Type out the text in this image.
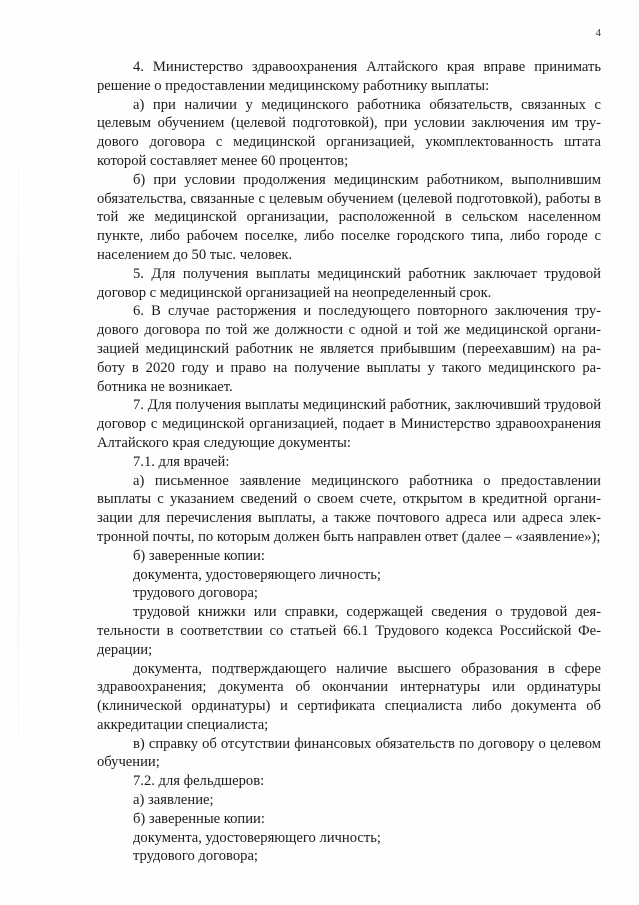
4

4. Министерство здравоохранения Алтайского края вправе принимать решение о предоставлении медицинскому работнику выплаты:

а) при наличии у медицинского работника обязательств, связанных с целевым обучением (целевой подготовкой), при условии заключения им трудового договора с медицинской организацией, укомплектованность штата которой составляет менее 60 процентов;

б) при условии продолжения медицинским работником, выполнившим обязательства, связанные с целевым обучением (целевой подготовкой), работы в той же медицинской организации, расположенной в сельском населенном пункте, либо рабочем поселке, либо поселке городского типа, либо городе с населением до 50 тыс. человек.

5. Для получения выплаты медицинский работник заключает трудовой договор с медицинской организацией на неопределенный срок.

6. В случае расторжения и последующего повторного заключения трудового договора по той же должности с одной и той же медицинской организацией медицинский работник не является прибывшим (переехавшим) на работу в 2020 году и право на получение выплаты у такого медицинского работника не возникает.

7. Для получения выплаты медицинский работник, заключивший трудовой договор с медицинской организацией, подает в Министерство здравоохранения Алтайского края следующие документы:

7.1. для врачей:

а) письменное заявление медицинского работника о предоставлении выплаты с указанием сведений о своем счете, открытом в кредитной организации для перечисления выплаты, а также почтового адреса или адреса электронной почты, по которым должен быть направлен ответ (далее – «заявление»);

б) заверенные копии:

документа, удостоверяющего личность;

трудового договора;

трудовой книжки или справки, содержащей сведения о трудовой деятельности в соответствии со статьей 66.1 Трудового кодекса Российской Федерации;

документа, подтверждающего наличие высшего образования в сфере здравоохранения; документа об окончании интернатуры или ординатуры (клинической ординатуры) и сертификата специалиста либо документа об аккредитации специалиста;

в) справку об отсутствии финансовых обязательств по договору о целевом обучении;

7.2. для фельдшеров:

а) заявление;

б) заверенные копии:

документа, удостоверяющего личность;

трудового договора;
